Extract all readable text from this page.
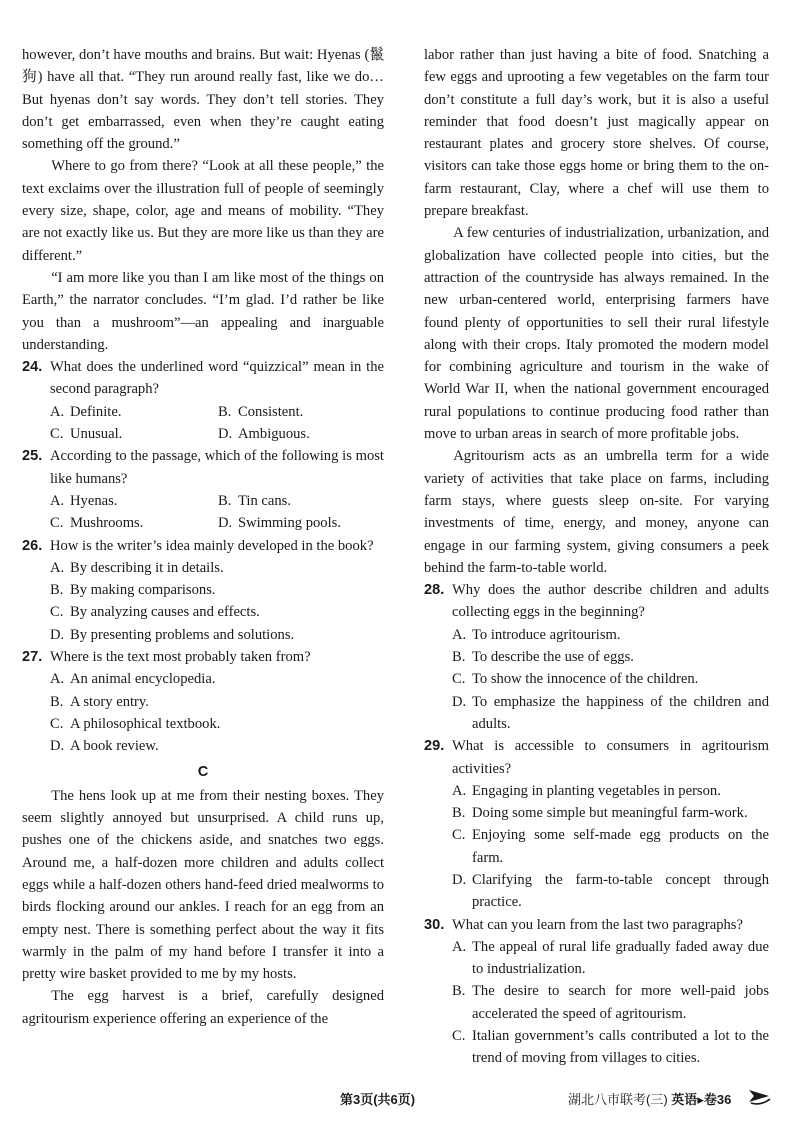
however, don’t have mouths and brains. But wait: Hyenas (鬣狗) have all that. “They run around really fast, like we do… But hyenas don’t say words. They don’t tell stories. They don’t get embarrassed, even when they’re caught eating something off the ground.”

Where to go from there? “Look at all these people,” the text exclaims over the illustration full of people of seemingly every size, shape, color, age and means of mobility. “They are not exactly like us. But they are more like us than they are different.”

“I am more like you than I am like most of the things on Earth,” the narrator concludes. “I’m glad. I’d rather be like you than a mushroom”—an appealing and inarguable understanding.

24. What does the underlined word “quizzical” mean in the second paragraph?
A. Definite.	B. Consistent.
C. Unusual.	D. Ambiguous.
25. According to the passage, which of the following is most like humans?
A. Hyenas.	B. Tin cans.
C. Mushrooms.	D. Swimming pools.
26. How is the writer’s idea mainly developed in the book?
A. By describing it in details.
B. By making comparisons.
C. By analyzing causes and effects.
D. By presenting problems and solutions.
27. Where is the text most probably taken from?
A. An animal encyclopedia.
B. A story entry.
C. A philosophical textbook.
D. A book review.
C

The hens look up at me from their nesting boxes. They seem slightly annoyed but unsurprised. A child runs up, pushes one of the chickens aside, and snatches two eggs. Around me, a half-dozen more children and adults collect eggs while a half-dozen others hand-feed dried mealworms to birds flocking around our ankles. I reach for an egg from an empty nest. There is something perfect about the way it fits warmly in the palm of my hand before I transfer it into a pretty wire basket provided to me by my hosts.

The egg harvest is a brief, carefully designed agritourism experience offering an experience of the

labor rather than just having a bite of food. Snatching a few eggs and uprooting a few vegetables on the farm tour don’t constitute a full day’s work, but it is also a useful reminder that food doesn’t just magically appear on restaurant plates and grocery store shelves. Of course, visitors can take those eggs home or bring them to the on-farm restaurant, Clay, where a chef will use them to prepare breakfast.

A few centuries of industrialization, urbanization, and globalization have collected people into cities, but the attraction of the countryside has always remained. In the new urban-centered world, enterprising farmers have found plenty of opportunities to sell their rural lifestyle along with their crops. Italy promoted the modern model for combining agriculture and tourism in the wake of World War II, when the national government encouraged rural populations to continue producing food rather than move to urban areas in search of more profitable jobs.

Agritourism acts as an umbrella term for a wide variety of activities that take place on farms, including farm stays, where guests sleep on-site. For varying investments of time, energy, and money, anyone can engage in our farming system, giving consumers a peek behind the farm-to-table world.

28. Why does the author describe children and adults collecting eggs in the beginning?
A. To introduce agritourism.
B. To describe the use of eggs.
C. To show the innocence of the children.
D. To emphasize the happiness of the children and adults.
29. What is accessible to consumers in agritourism activities?
A. Engaging in planting vegetables in person.
B. Doing some simple but meaningful farm-work.
C. Enjoying some self-made egg products on the farm.
D. Clarifying the farm-to-table concept through practice.
30. What can you learn from the last two paragraphs?
A. The appeal of rural life gradually faded away due to industrialization.
B. The desire to search for more well-paid jobs accelerated the speed of agritourism.
C. Italian government’s calls contributed a lot to the trend of moving from villages to cities.
第3页(共6页)	湖北八市联考(三) 英语▸卷36
